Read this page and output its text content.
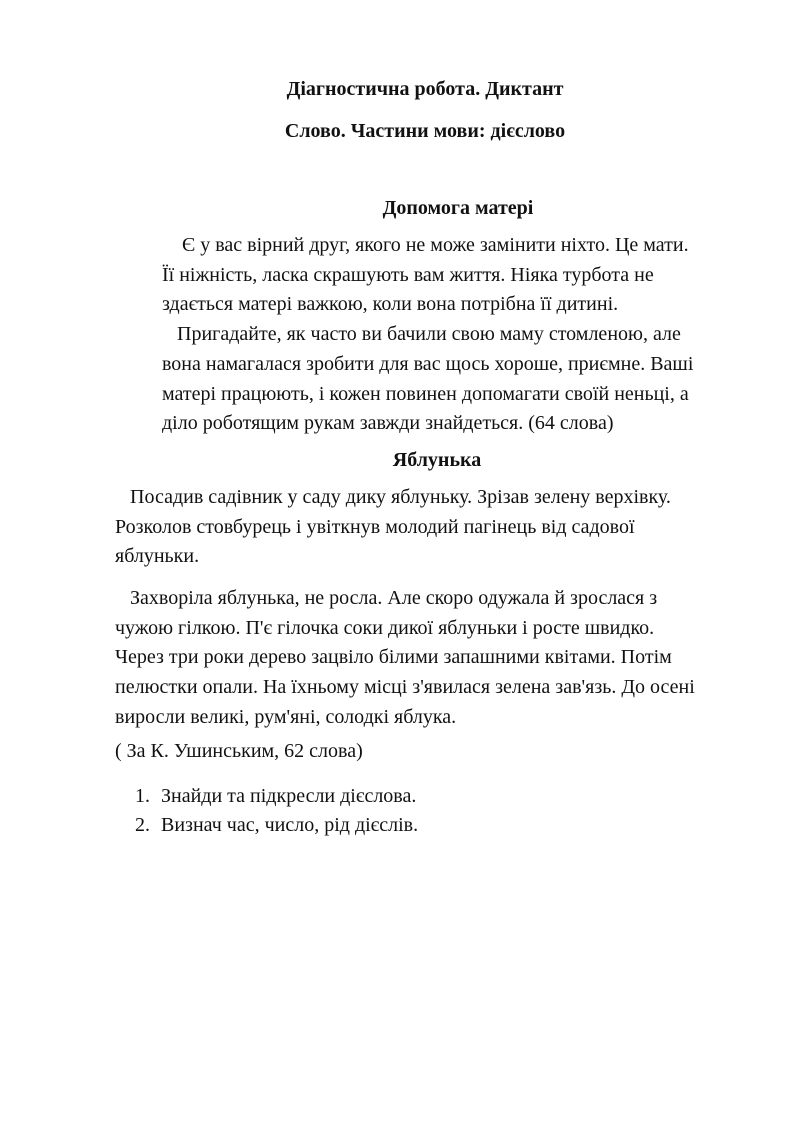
Діагностична робота. Диктант
Слово. Частини мови: дієслово
Допомога матері
Є у вас вірний друг, якого не може замінити ніхто. Це мати.
Її ніжність, ласка скрашують вам життя. Ніяка турбота не
здається матері важкою, коли вона потрібна її дитині.
Пригадайте, як часто ви бачили свою маму стомленою, але
вона намагалася зробити для вас щось хороше, приємне. Ваші
матері працюють, і кожен повинен допомагати своїй неньці, а
діло роботящим рукам завжди знайдеться. (64 слова)
Яблунька
Посадив садівник у саду дику яблуньку. Зрізав зелену верхівку.
Розколов стовбурець і увіткнув молодий пагінець від садової
яблуньки.
Захворіла яблунька, не росла. Але скоро одужала й зрослася з
чужою гілкою. П'є гілочка соки дикої яблуньки і росте швидко.
Через три роки дерево зацвіло білими запашними квітами. Потім
пелюстки опали. На їхньому місці з'явилася зелена зав'язь. До осені
виросли великі, рум'яні, солодкі яблука.
( За К. Ушинським, 62 слова)
1. Знайди та підкресли дієслова.
2. Визнач час, число, рід дієслів.
